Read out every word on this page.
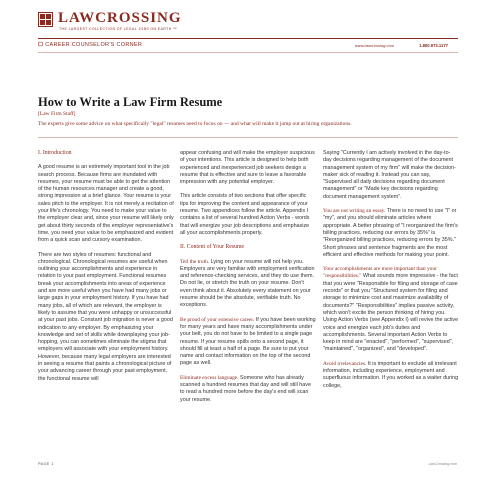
LAWCROSSING
THE LARGEST COLLECTION OF LEGAL JOBS ON EARTH ™
☐ CAREER COUNSELOR'S CORNER	www.lawcrossing.com	1.800.973.1177
How to Write a Law Firm Resume
[Law Firm Staff]
The experts give some advice on what specifically "legal" resumes need to focus on — and what will make it jump out at hiring organizations.
I. Introduction

A good resume is an extremely important tool in the job search process. Because firms are inundated with resumes, your resume must be able to get the attention of the human resources manager and create a good, strong impression at a brief glance. Your resume is your sales pitch to the employer. It is not merely a recitation of your life's chronology. You need to make your value to the employer clear and, since your resume will likely only get about thirty seconds of the employer representative's time, you need your value to be emphasized and evident from a quick scan and cursory examination.

There are two styles of resumes: functional and chronological. Chronological resumes are useful when outlining your accomplishments and experience in relation to your past employment. Functional resumes break your accomplishments into areas of experience and are more useful when you have had many jobs or large gaps in your employment history. If you have had many jobs, all of which are relevant, the employer is likely to assume that you were unhappy or unsuccessful at your past jobs. Constant job migration is never a good indication to any employer. By emphasizing your knowledge and set of skills while downplaying your job-hopping, you can sometimes eliminate the stigma that employers will associate with your employment history. However, because many legal employers are interested in seeing a resume that paints a chronological picture of your advancing career through your past employment, the functional resume will

appear confusing and will make the employer suspicious of your intentions. This article is designed to help both experienced and inexperienced job seekers design a resume that is effective and sure to leave a favorable impression with any potential employer.

This article consists of two sections that offer specific tips for improving the content and appearance of your resume. Two appendices follow the article. Appendix I contains a list of several hundred Action Verbs - words that will energize your job descriptions and emphasize all your accomplishments properly.

II. Content of Your Resume

Tell the truth. Lying on your resume will not help you. Employers are very familiar with employment verification and reference-checking services, and they do use them. Do not lie, or stretch the truth on your resume. Don't even think about it. Absolutely every statement on your resume should be the absolute, verifiable truth. No exceptions.

Be proud of your extensive career. If you have been working for many years and have many accomplishments under your belt, you do not have to be limited to a single page resume. If your resume spills onto a second page, it should fill at least a half of a page. Be sure to put your name and contact information on the top of the second page as well.

Eliminate excess language. Someone who has already scanned a hundred resumes that day and will still have to read a hundred more before the day's end will scan your resume.

Saying "Currently I am actively involved in the day-to-day decisions regarding management of the document management system of my firm" will make the decision-maker sick of reading it. Instead you can say, "Supervised all daily decisions regarding document management" or "Made key decisions regarding document management system".

You are not writing an essay. There is no need to use "I" or "my", and you should eliminate articles where appropriate. A better phrasing of "I reorganized the firm's billing practices, reducing our errors by 35%" is "Reorganized billing practices, reducing errors by 35%." Short phrases and sentence fragments are the most efficient and effective methods for making your point.

Your accomplishments are more important than your "responsibilities." What sounds more impressive - the fact that you were "Responsible for filing and storage of case records" or that you "Structured system for filing and storage to minimize cost and maximize availability of documents?" "Responsibilities" implies passive activity, which won't excite the person thinking of hiring you. Using Action Verbs (see Appendix I) will revive the active voice and energize each job's duties and accomplishments. Several important Action Verbs to keep in mind are "enacted", "performed", "supervised", "maintained", "organized", and "developed".

Avoid irrelevancies. It is important to exclude all irrelevant information, including experience, employment and superfluous information. If you worked as a waiter during college,

PAGE 1	LawCrossing.com
